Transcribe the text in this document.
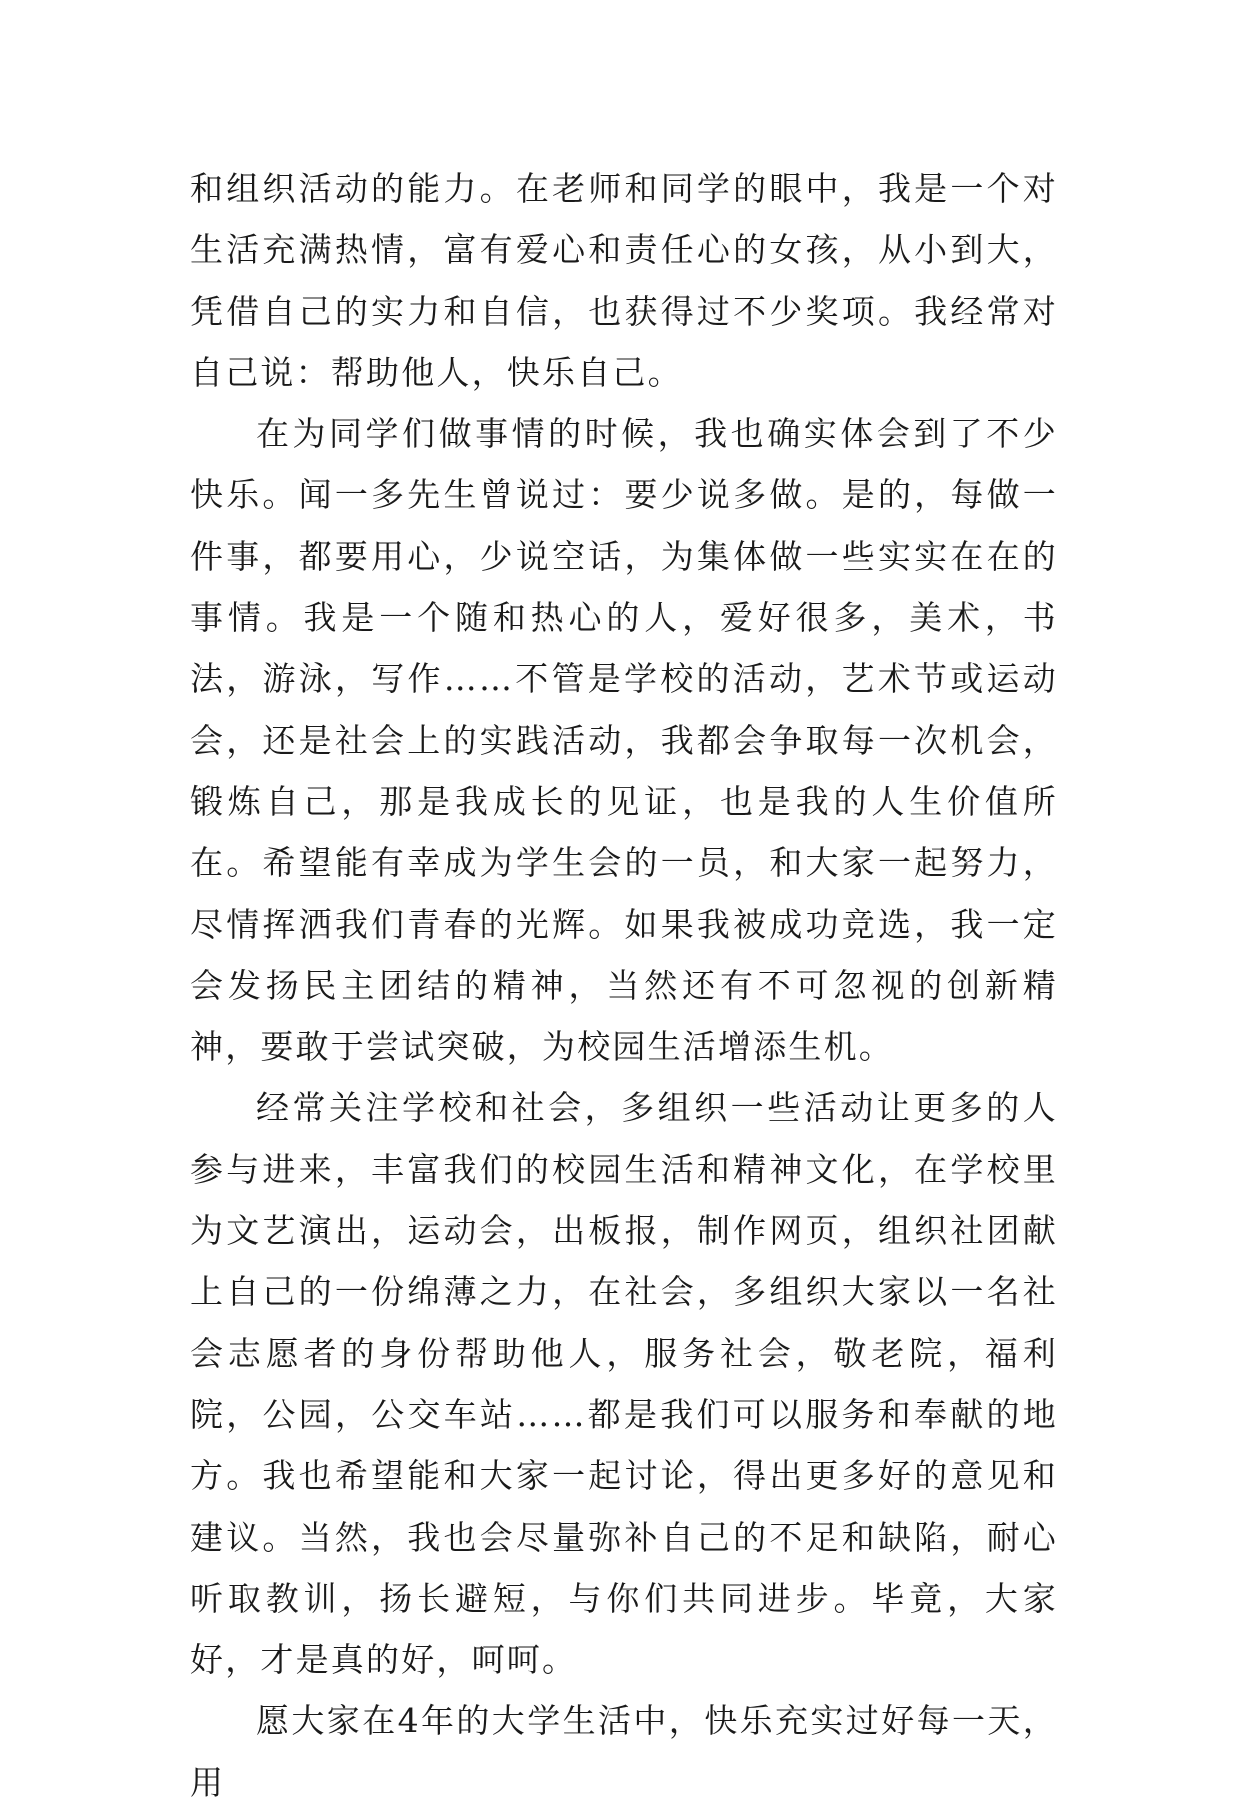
和组织活动的能力。在老师和同学的眼中，我是一个对生活充满热情，富有爱心和责任心的女孩，从小到大，凭借自己的实力和自信，也获得过不少奖项。我经常对自己说：帮助他人，快乐自己。

在为同学们做事情的时候，我也确实体会到了不少快乐。闻一多先生曾说过：要少说多做。是的，每做一件事，都要用心，少说空话，为集体做一些实实在在的事情。我是一个随和热心的人，爱好很多，美术，书法，游泳，写作……不管是学校的活动，艺术节或运动会，还是社会上的实践活动，我都会争取每一次机会，锻炼自己，那是我成长的见证，也是我的人生价值所在。希望能有幸成为学生会的一员，和大家一起努力，尽情挥洒我们青春的光辉。如果我被成功竞选，我一定会发扬民主团结的精神，当然还有不可忽视的创新精神，要敢于尝试突破，为校园生活增添生机。

经常关注学校和社会，多组织一些活动让更多的人参与进来，丰富我们的校园生活和精神文化，在学校里为文艺演出，运动会，出板报，制作网页，组织社团献上自己的一份绵薄之力，在社会，多组织大家以一名社会志愿者的身份帮助他人，服务社会，敬老院，福利院，公园，公交车站……都是我们可以服务和奉献的地方。我也希望能和大家一起讨论，得出更多好的意见和建议。当然，我也会尽量弥补自己的不足和缺陷，耐心听取教训，扬长避短，与你们共同进步。毕竟，大家好，才是真的好，呵呵。

愿大家在4年的大学生活中，快乐充实过好每一天，用
